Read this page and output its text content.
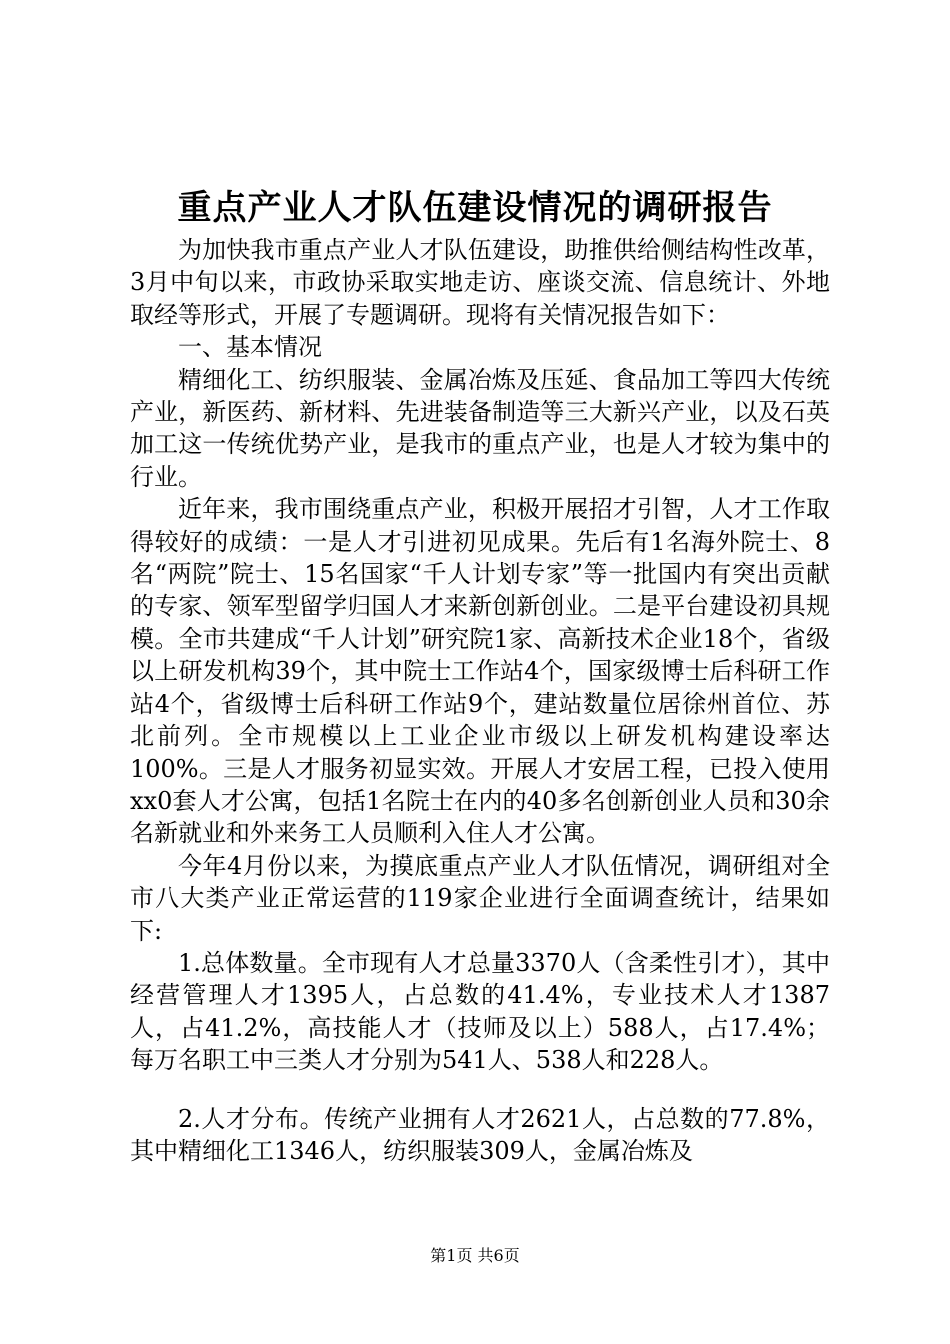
重点产业人才队伍建设情况的调研报告

为加快我市重点产业人才队伍建设，助推供给侧结构性改革，3月中旬以来，市政协采取实地走访、座谈交流、信息统计、外地取经等形式，开展了专题调研。现将有关情况报告如下：

一、基本情况

精细化工、纺织服装、金属冶炼及压延、食品加工等四大传统产业，新医药、新材料、先进装备制造等三大新兴产业，以及石英加工这一传统优势产业，是我市的重点产业，也是人才较为集中的行业。

近年来，我市围绕重点产业，积极开展招才引智，人才工作取得较好的成绩：一是人才引进初见成果。先后有1名海外院士、8名“两院”院士、15名国家“千人计划专家”等一批国内有突出贡献的专家、领军型留学归国人才来新创新创业。二是平台建设初具规模。全市共建成“千人计划”研究院1家、高新技术企业18个，省级以上研发机构39个，其中院士工作站4个，国家级博士后科研工作站4个，省级博士后科研工作站9个，建站数量位居徐州首位、苏北前列。全市规模以上工业企业市级以上研发机构建设率达100%。三是人才服务初显实效。开展人才安居工程，已投入使用xx0套人才公寓，包括1名院士在内的40多名创新创业人员和30余名新就业和外来务工人员顺利入住人才公寓。

今年4月份以来，为摸底重点产业人才队伍情况，调研组对全市八大类产业正常运营的119家企业进行全面调查统计，结果如下:

1.总体数量。全市现有人才总量3370人（含柔性引才），其中经营管理人才1395人，占总数的41.4%，专业技术人才1387人，占41.2%，高技能人才（技师及以上）588人，占17.4%；每万名职工中三类人才分别为541人、538人和228人。

2.人才分布。传统产业拥有人才2621人，占总数的77.8%，其中精细化工1346人，纺织服装309人，金属冶炼及

第1页 共6页
